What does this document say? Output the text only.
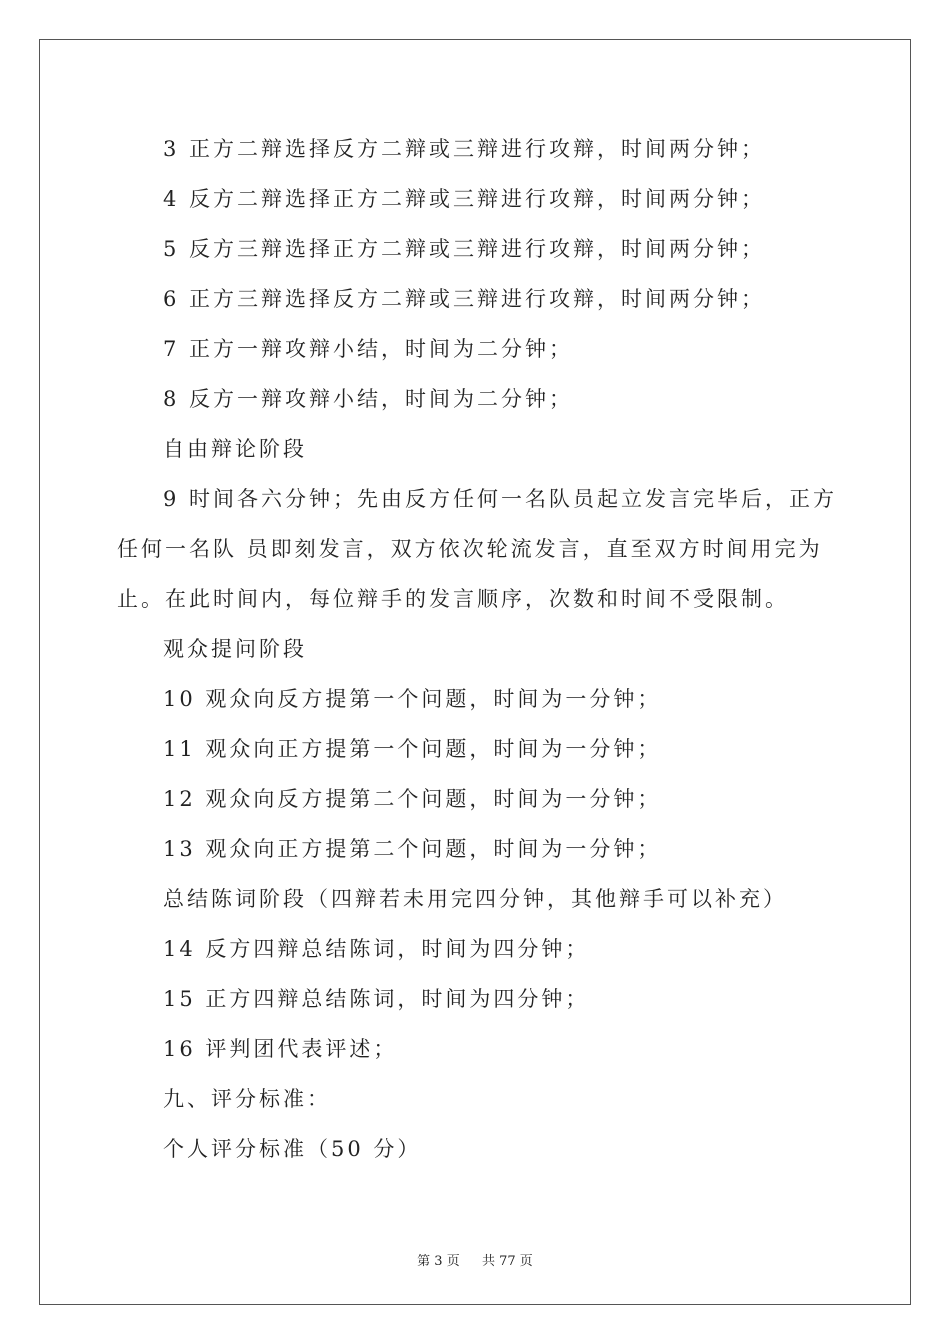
3 正方二辩选择反方二辩或三辩进行攻辩，时间两分钟；
4 反方二辩选择正方二辩或三辩进行攻辩，时间两分钟；
5 反方三辩选择正方二辩或三辩进行攻辩，时间两分钟；
6 正方三辩选择反方二辩或三辩进行攻辩，时间两分钟；
7 正方一辩攻辩小结，时间为二分钟；
8 反方一辩攻辩小结，时间为二分钟；
自由辩论阶段
9 时间各六分钟；先由反方任何一名队员起立发言完毕后，正方
任何一名队 员即刻发言，双方依次轮流发言，直至双方时间用完为
止。在此时间内，每位辩手的发言顺序，次数和时间不受限制。
观众提问阶段
10 观众向反方提第一个问题，时间为一分钟；
11 观众向正方提第一个问题，时间为一分钟；
12 观众向反方提第二个问题，时间为一分钟；
13 观众向正方提第二个问题，时间为一分钟；
总结陈词阶段（四辩若未用完四分钟，其他辩手可以补充）
14 反方四辩总结陈词，时间为四分钟；
15 正方四辩总结陈词，时间为四分钟；
16 评判团代表评述；
九、评分标准：
个人评分标准（50 分）
第 3 页 共 77 页
